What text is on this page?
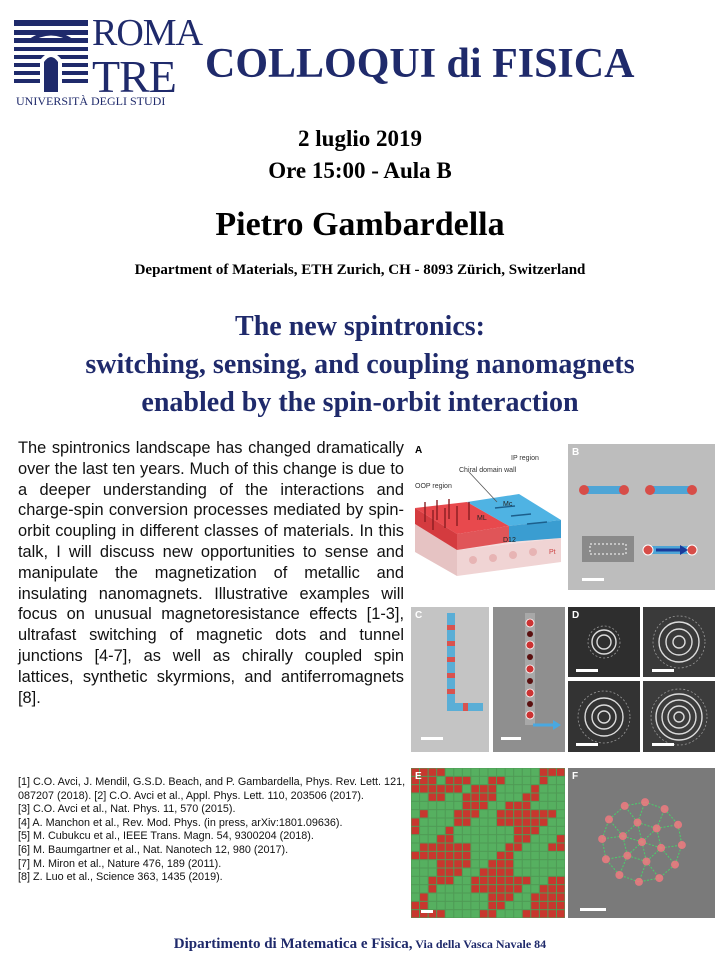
ROMA
TRE
UNIVERSITÀ DEGLI STUDI
COLLOQUI di FISICA
2 luglio 2019
Ore 15:00 - Aula B
Pietro Gambardella
Department of Materials, ETH Zurich, CH - 8093 Zürich, Switzerland
The new spintronics:
switching, sensing, and coupling nanomagnets
enabled by the spin-orbit interaction

The spintronics landscape has changed dramatically over the last ten years. Much of this change is due to a deeper understanding of the interactions and charge-spin conversion processes mediated by spin-orbit coupling in different classes of materials. In this talk, I will discuss new opportunities to sense and manipulate the magnetization of metallic and insulating nanomagnets. Illustrative examples will focus on unusual magnetoresistance effects [1-3], ultrafast switching of magnetic dots and tunnel junctions [4-7], as well as chirally coupled spin lattices, synthetic skyrmions, and antiferromagnets [8].

[1] C.O. Avci, J. Mendil, G.S.D. Beach, and P. Gambardella, Phys. Rev. Lett. 121, 087207 (2018). [2] C.O. Avci et al., Appl. Phys. Lett. 110, 203506 (2017).
[3] C.O. Avci et al., Nat. Phys. 11, 570 (2015).
[4] A. Manchon et al., Rev. Mod. Phys. (in press, arXiv:1801.09636).
[5] M. Cubukcu et al., IEEE Trans. Magn. 54, 9300204 (2018).
[6] M. Baumgartner et al., Nat. Nanotech 12, 980 (2017).
[7] M. Miron et al., Nature 476, 189 (2011).
[8] Z. Luo et al., Science 363, 1435 (2019).
A
IP region
Chiral domain wall
OOP region
Mc
ML
D12
Pt
B
C	D
E	F
Dipartimento di Matematica e Fisica, Via della Vasca Navale 84
